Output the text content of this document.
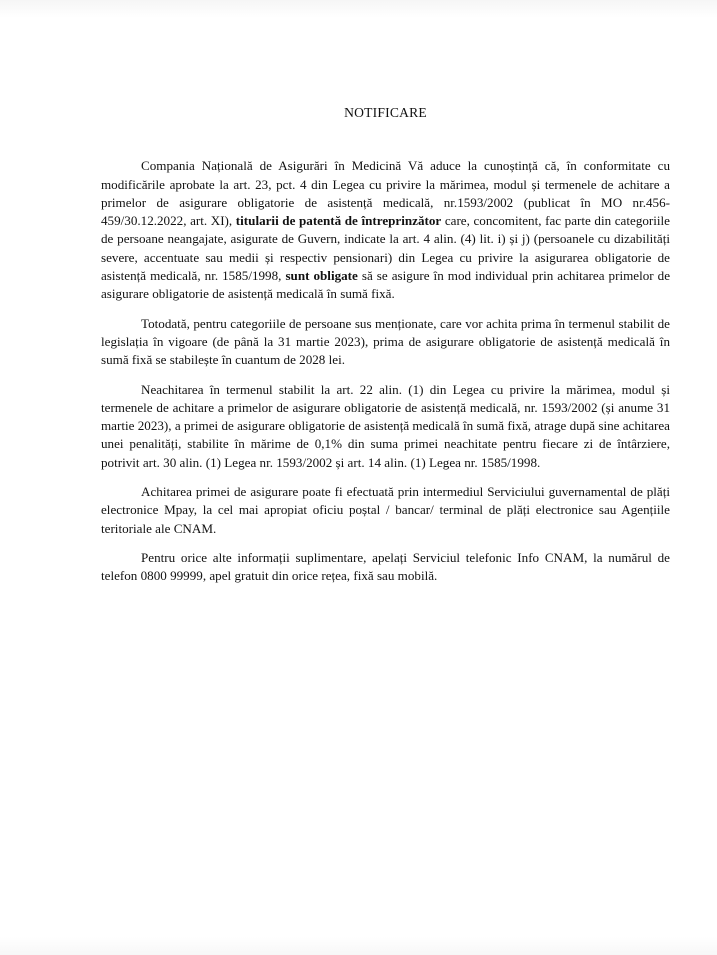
NOTIFICARE

Compania Națională de Asigurări în Medicină Vă aduce la cunoștință că, în conformitate cu modificările aprobate la art. 23, pct. 4 din Legea cu privire la mărimea, modul și termenele de achitare a primelor de asigurare obligatorie de asistență medicală, nr.1593/2002 (publicat în MO nr.456-459/30.12.2022, art. XI), titularii de patentă de întreprinzător care, concomitent, fac parte din categoriile de persoane neangajate, asigurate de Guvern, indicate la art. 4 alin. (4) lit. i) și j) (persoanele cu dizabilități severe, accentuate sau medii și respectiv pensionari) din Legea cu privire la asigurarea obligatorie de asistență medicală, nr. 1585/1998, sunt obligate să se asigure în mod individual prin achitarea primelor de asigurare obligatorie de asistență medicală în sumă fixă.

Totodată, pentru categoriile de persoane sus menționate, care vor achita prima în termenul stabilit de legislația în vigoare (de până la 31 martie 2023), prima de asigurare obligatorie de asistență medicală în sumă fixă se stabilește în cuantum de 2028 lei.

Neachitarea în termenul stabilit la art. 22 alin. (1) din Legea cu privire la mărimea, modul și termenele de achitare a primelor de asigurare obligatorie de asistență medicală, nr. 1593/2002 (și anume 31 martie 2023), a primei de asigurare obligatorie de asistență medicală în sumă fixă, atrage după sine achitarea unei penalități, stabilite în mărime de 0,1% din suma primei neachitate pentru fiecare zi de întârziere, potrivit art. 30 alin. (1) Legea nr. 1593/2002 și art. 14 alin. (1) Legea nr. 1585/1998.

Achitarea primei de asigurare poate fi efectuată prin intermediul Serviciului guvernamental de plăți electronice Mpay, la cel mai apropiat oficiu poștal / bancar/ terminal de plăți electronice sau Agențiile teritoriale ale CNAM.

Pentru orice alte informații suplimentare, apelați Serviciul telefonic Info CNAM, la numărul de telefon 0800 99999, apel gratuit din orice rețea, fixă sau mobilă.
